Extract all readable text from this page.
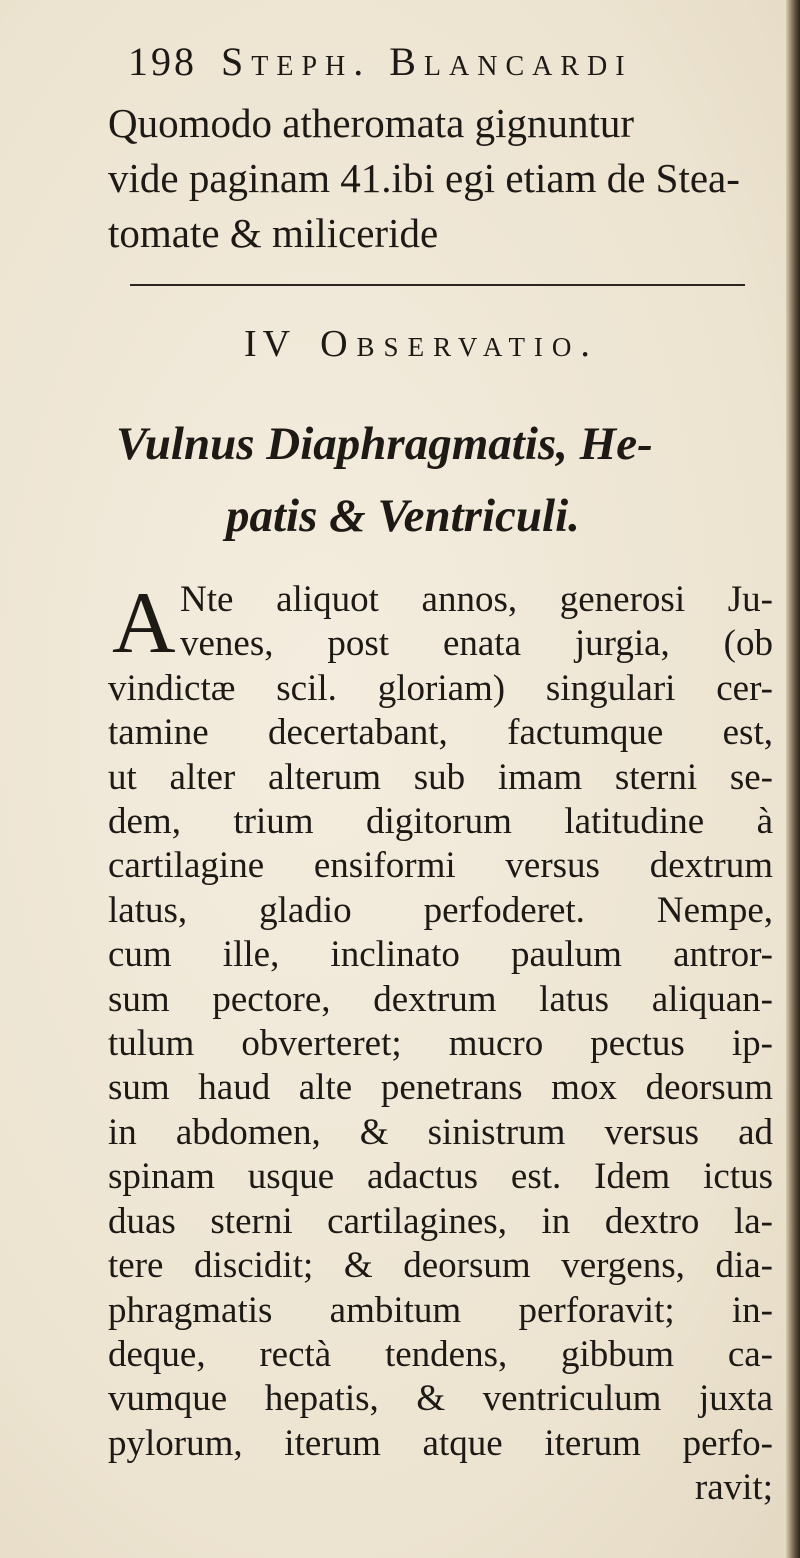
198 Steph. Blancardi

Quomodo atheromata gignuntur

vide paginam 41.ibi egi etiam de Stea-

tomate & miliceride

IV Observatio.

Vulnus Diaphragmatis, He-

patis & Ventriculi.

A Nte aliquot annos, generosi Ju-

venes, post enata jurgia, (ob

vindictæ scil. gloriam) singulari cer-

tamine decertabant, factumque est,

ut alter alterum sub imam sterni se-

dem, trium digitorum latitudine à

cartilagine ensiformi versus dextrum

latus, gladio perfoderet. Nempe,

cum ille, inclinato paulum antror-

sum pectore, dextrum latus aliquan-

tulum obverteret; mucro pectus ip-

sum haud alte penetrans mox deorsum

in abdomen, & sinistrum versus ad

spinam usque adactus est. Idem ictus

duas sterni cartilagines, in dextro la-

tere discidit; & deorsum vergens, dia-

phragmatis ambitum perforavit; in-

deque, rectà tendens, gibbum ca-

vumque hepatis, & ventriculum juxta

pylorum, iterum atque iterum perfo-

ravit;
